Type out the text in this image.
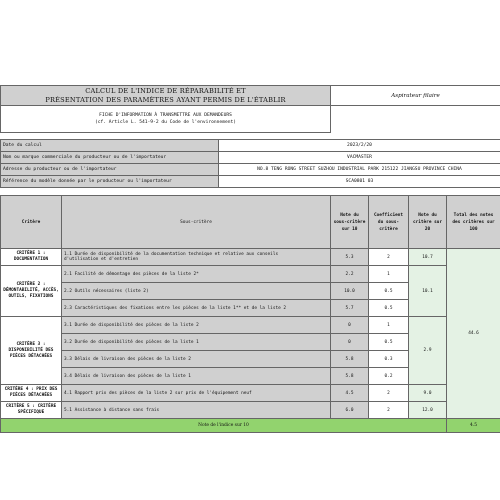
CALCUL DE L'INDICE DE RÉPARABILITÉ ET
PRÉSENTATION DES PARAMÈTRES AYANT PERMIS DE L'ÉTABLIR	Aspirateur filaire

FICHE D'INFORMATION À TRANSMETTRE AUX DEMANDEURS
(cf. Article L. 541-9-2 du Code de l'environnement)	

Date du calcul	2023/2/20
Nom ou marque commerciale du producteur ou de l'importateur	VACMASTER
Adresse du producteur ou de l'importateur	NO.8 TENG RONG STREET SUZHOU INDUSTRIAL PARK 215122 JIANGSU PROVINCE CHINA
Référence du modèle donnée par le producteur ou l'importateur	SCA0801 03
Critère	Sous-critère	Note du sous-critère sur 10	Coefficient du sous-critère	Note du critère sur 20	Total des notes des critères sur 100
CRITÈRE 1 : DOCUMENTATION	1.1 Durée de disponibilité de la documentation technique et relative aux conseils
d'utilisation et d'entretien	5.3	2	10.7	44.6
CRITÈRE 2 : DÉMONTABILITÉ, ACCÈS, OUTILS, FIXATIONS	2.1 Facilité de démontage des pièces de la liste 2*	2.2	1	10.1	

	2.2 Outils nécessaires (liste 2)	10.0	0.5		

	2.3 Caractéristiques des fixations entre les pièces de la liste 1** et de la liste 2	5.7	0.5		
CRITÈRE 3 : DISPONIBILITÉ DES PIÈCES DÉTACHÉES	3.1 Durée de disponibilité des pièces de la liste 2	0	1	2.9	

	3.2 Durée de disponibilité des pièces de la liste 1	0	0.5		

	3.3 Délais de livraison des pièces de la liste 2	5.8	0.3		

	3.4 Délais de livraison des pièces de la liste 1	5.8	0.2		
CRITÈRE 4 : PRIX DES PIÈCES DÉTACHÉES	4.1 Rapport prix des pièces de la liste 2 sur prix de l'équipement neuf	4.5	2	9.0	
CRITÈRE 5 : CRITÈRE SPÉCIFIQUE	5.1 Assistance à distance sans frais	6.0	2	12.0	
Note de l'indice sur 10					4.5
